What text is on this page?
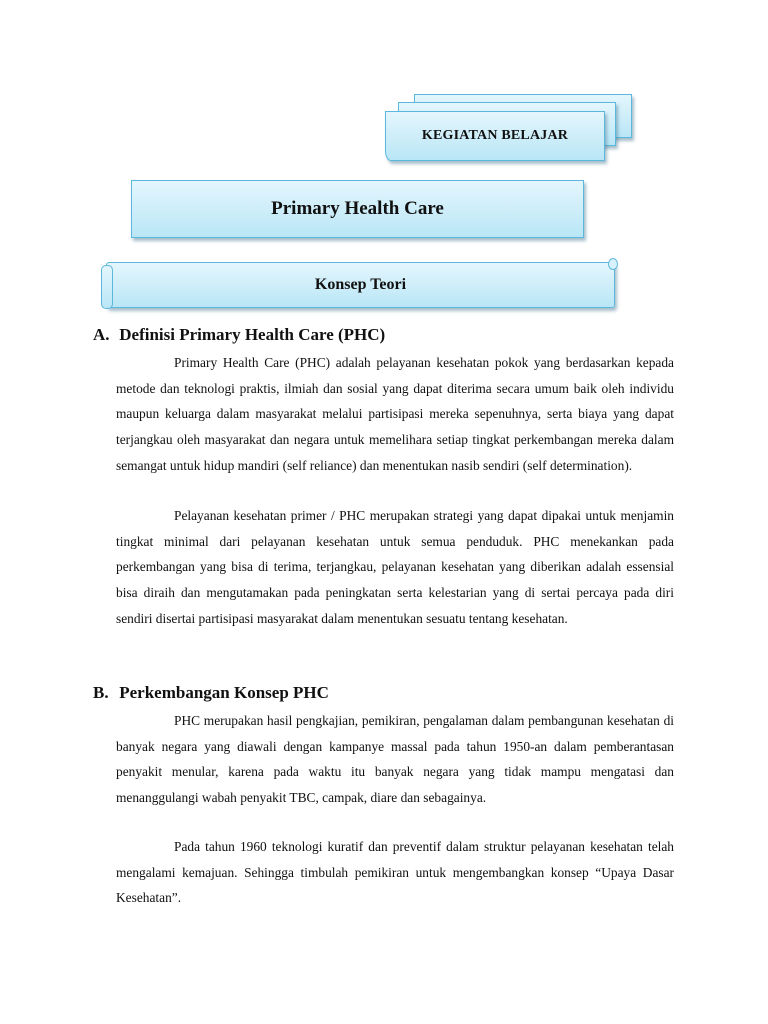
KEGIATAN BELAJAR
Primary Health Care
Konsep Teori
A. Definisi Primary Health Care (PHC)

Primary Health Care (PHC) adalah pelayanan kesehatan pokok yang berdasarkan kepada metode dan teknologi praktis, ilmiah dan sosial yang dapat diterima secara umum baik oleh individu maupun keluarga dalam masyarakat melalui partisipasi mereka sepenuhnya, serta biaya yang dapat terjangkau oleh masyarakat dan negara untuk memelihara setiap tingkat perkembangan mereka dalam semangat untuk hidup mandiri (self reliance) dan menentukan nasib sendiri (self determination).

Pelayanan kesehatan primer / PHC merupakan strategi yang dapat dipakai untuk menjamin tingkat minimal dari pelayanan kesehatan untuk semua penduduk. PHC menekankan pada perkembangan yang bisa di terima, terjangkau, pelayanan kesehatan yang diberikan adalah essensial bisa diraih dan mengutamakan pada peningkatan serta kelestarian yang di sertai percaya pada diri sendiri disertai partisipasi masyarakat dalam menentukan sesuatu tentang kesehatan.

B. Perkembangan Konsep PHC

PHC merupakan hasil pengkajian, pemikiran, pengalaman dalam pembangunan kesehatan di banyak negara yang diawali dengan kampanye massal pada tahun 1950-an dalam pemberantasan penyakit menular, karena pada waktu itu banyak negara yang tidak mampu mengatasi dan menanggulangi wabah penyakit TBC, campak, diare dan sebagainya.

Pada tahun 1960 teknologi kuratif dan preventif dalam struktur pelayanan kesehatan telah mengalami kemajuan. Sehingga timbulah pemikiran untuk mengembangkan konsep “Upaya Dasar Kesehatan”.
